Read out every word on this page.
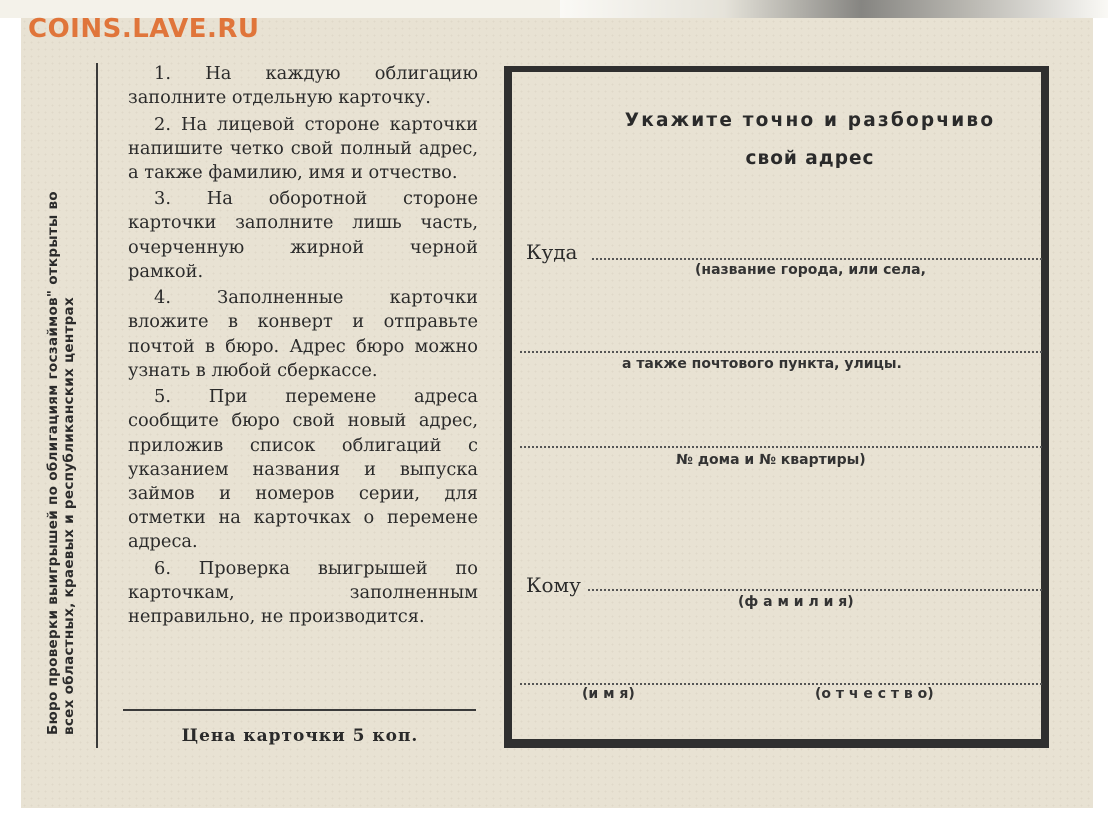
COINS.LAVE.RU
Бюро проверки выигрышей по облигациям госзаймов" открыты во всех областных, краевых и республиканских центрах

1. На каждую облигацию заполните отдельную карточку.

2. На лицевой стороне карточки напишите четко свой полный адрес, а также фамилию, имя и отчество.

3. На оборотной стороне карточки заполните лишь часть, очерченную жирной черной рамкой.

4. Заполненные карточки вложите в конверт и отправьте почтой в бюро. Адрес бюро можно узнать в любой сберкассе.

5. При перемене адреса сообщите бюро свой новый адрес, приложив список облигаций с указанием названия и выпуска займов и номеров серии, для отметки на карточках о перемене адреса.

6. Проверка выигрышей по карточкам, заполненным неправильно, не производится.

Цена карточки 5 коп.
Укажите точно и разборчиво
свой адрес
Куда
(название города, или села,
а также почтового пункта, улицы.
№ дома и № квартиры)
Кому
(ф а м и л и я)
(и м я)	(о т ч е с т в о)
